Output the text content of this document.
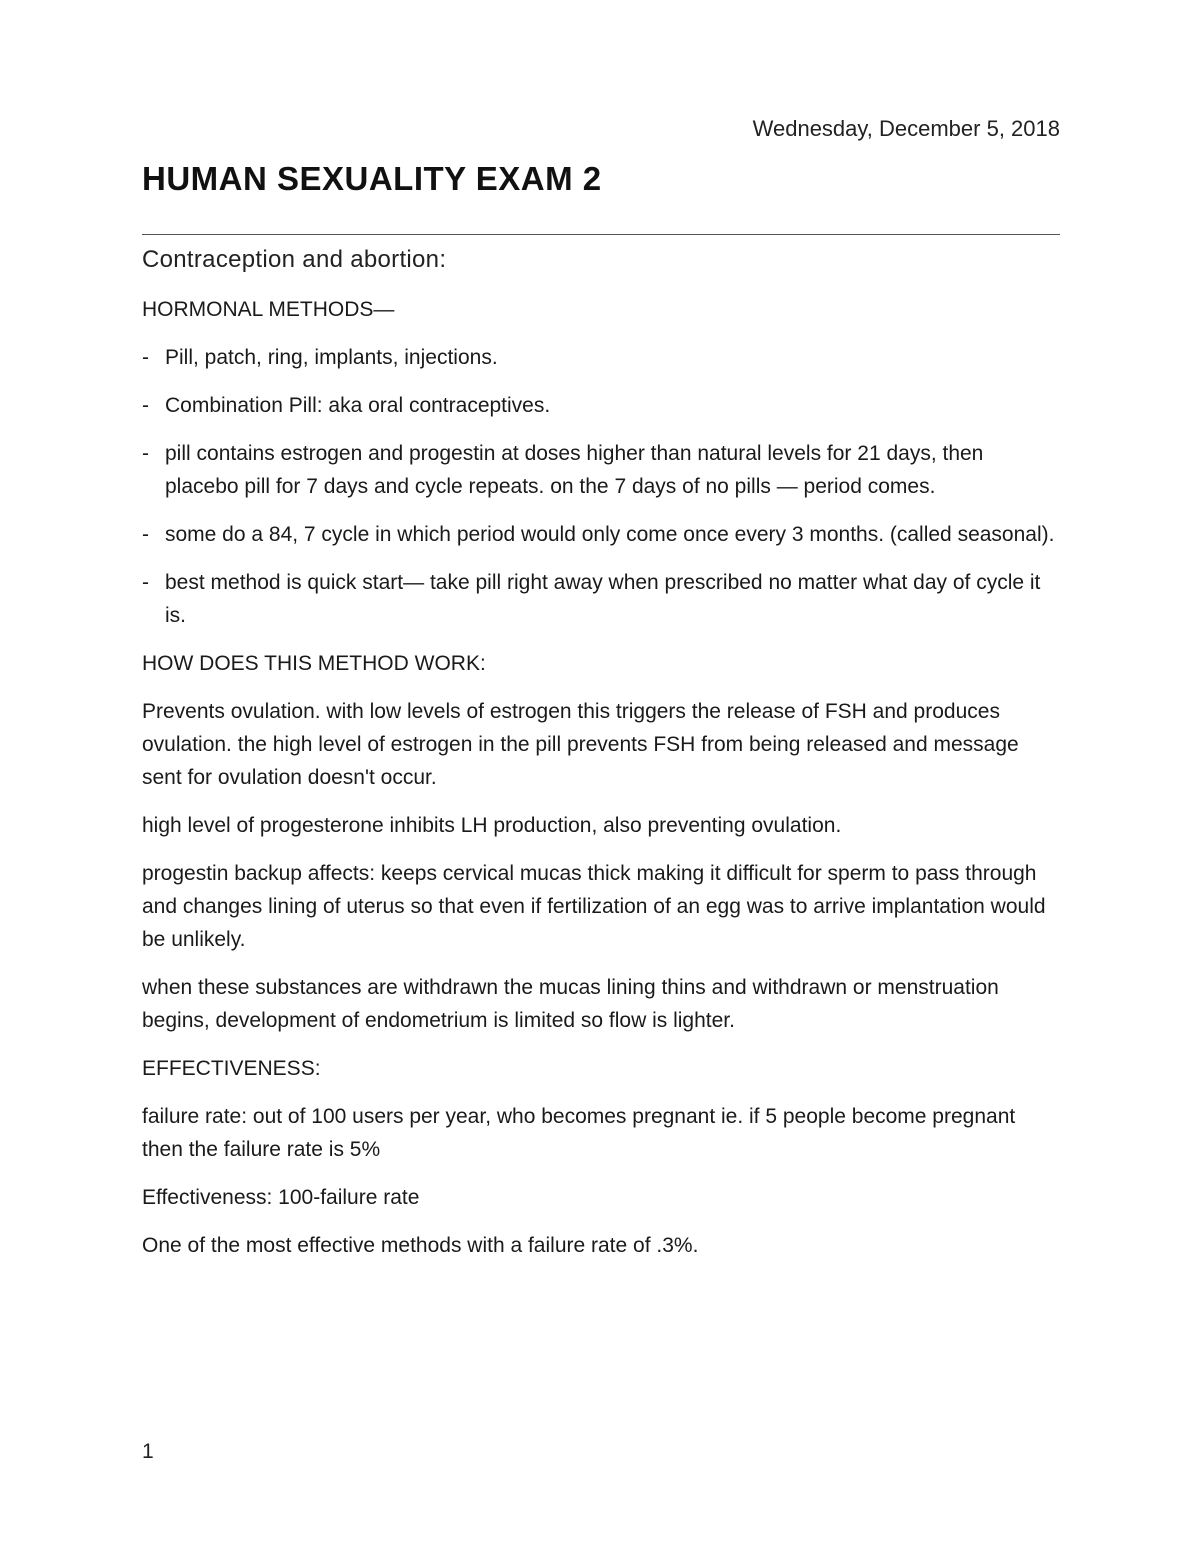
Wednesday, December 5, 2018
HUMAN SEXUALITY EXAM 2
Contraception and abortion:

HORMONAL METHODS—

- Pill, patch, ring, implants, injections.
- Combination Pill: aka oral contraceptives.
- pill contains estrogen and progestin at doses higher than natural levels for 21 days, then placebo pill for 7 days and cycle repeats. on the 7 days of no pills — period comes.
- some do a 84, 7 cycle in which period would only come once every 3 months. (called seasonal).
- best method is quick start— take pill right away when prescribed no matter what day of cycle it is.

HOW DOES THIS METHOD WORK:

Prevents ovulation. with low levels of estrogen this triggers the release of FSH and produces ovulation. the high level of estrogen in the pill prevents FSH from being released and message sent for ovulation doesn't occur.

high level of progesterone inhibits LH production, also preventing ovulation.

progestin backup affects: keeps cervical mucas thick making it difficult for sperm to pass through and changes lining of uterus so that even if fertilization of an egg was to arrive implantation would be unlikely.

when these substances are withdrawn the mucas lining thins and withdrawn or menstruation begins, development of endometrium is limited so flow is lighter.

EFFECTIVENESS:

failure rate: out of 100 users per year, who becomes pregnant ie. if 5 people become pregnant then the failure rate is 5%

Effectiveness: 100-failure rate

One of the most effective methods with a failure rate of .3%.

1
